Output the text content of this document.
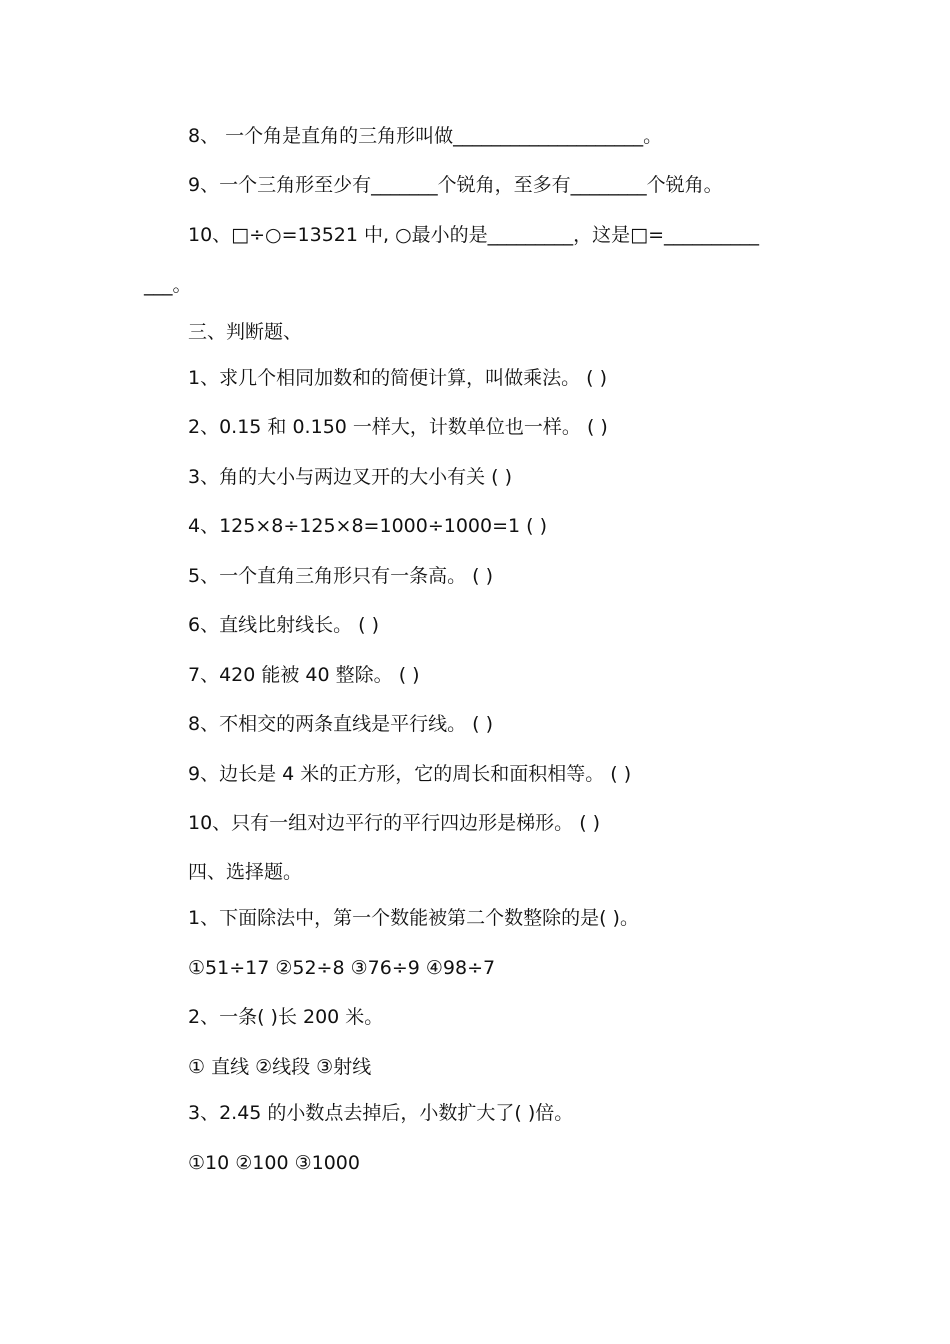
8、 一个角是直角的三角形叫做____________________。
9、一个三角形至少有_______个锐角，至多有________个锐角。
10、□÷○=13521 中, ○最小的是_________，这是□=__________
___。
三、判断题、
1、求几个相同加数和的简便计算，叫做乘法。 ( )
2、0.15 和 0.150 一样大，计数单位也一样。 ( )
3、角的大小与两边叉开的大小有关 ( )
4、125×8÷125×8=1000÷1000=1 ( )
5、一个直角三角形只有一条高。 ( )
6、直线比射线长。 ( )
7、420 能被 40 整除。 ( )
8、不相交的两条直线是平行线。 ( )
9、边长是 4 米的正方形，它的周长和面积相等。 ( )
10、只有一组对边平行的平行四边形是梯形。 ( )
四、选择题。
1、下面除法中，第一个数能被第二个数整除的是( )。
①51÷17 ②52÷8 ③76÷9 ④98÷7
2、一条( )长 200 米。
① 直线 ②线段 ③射线
3、2.45 的小数点去掉后，小数扩大了( )倍。
①10 ②100 ③1000
